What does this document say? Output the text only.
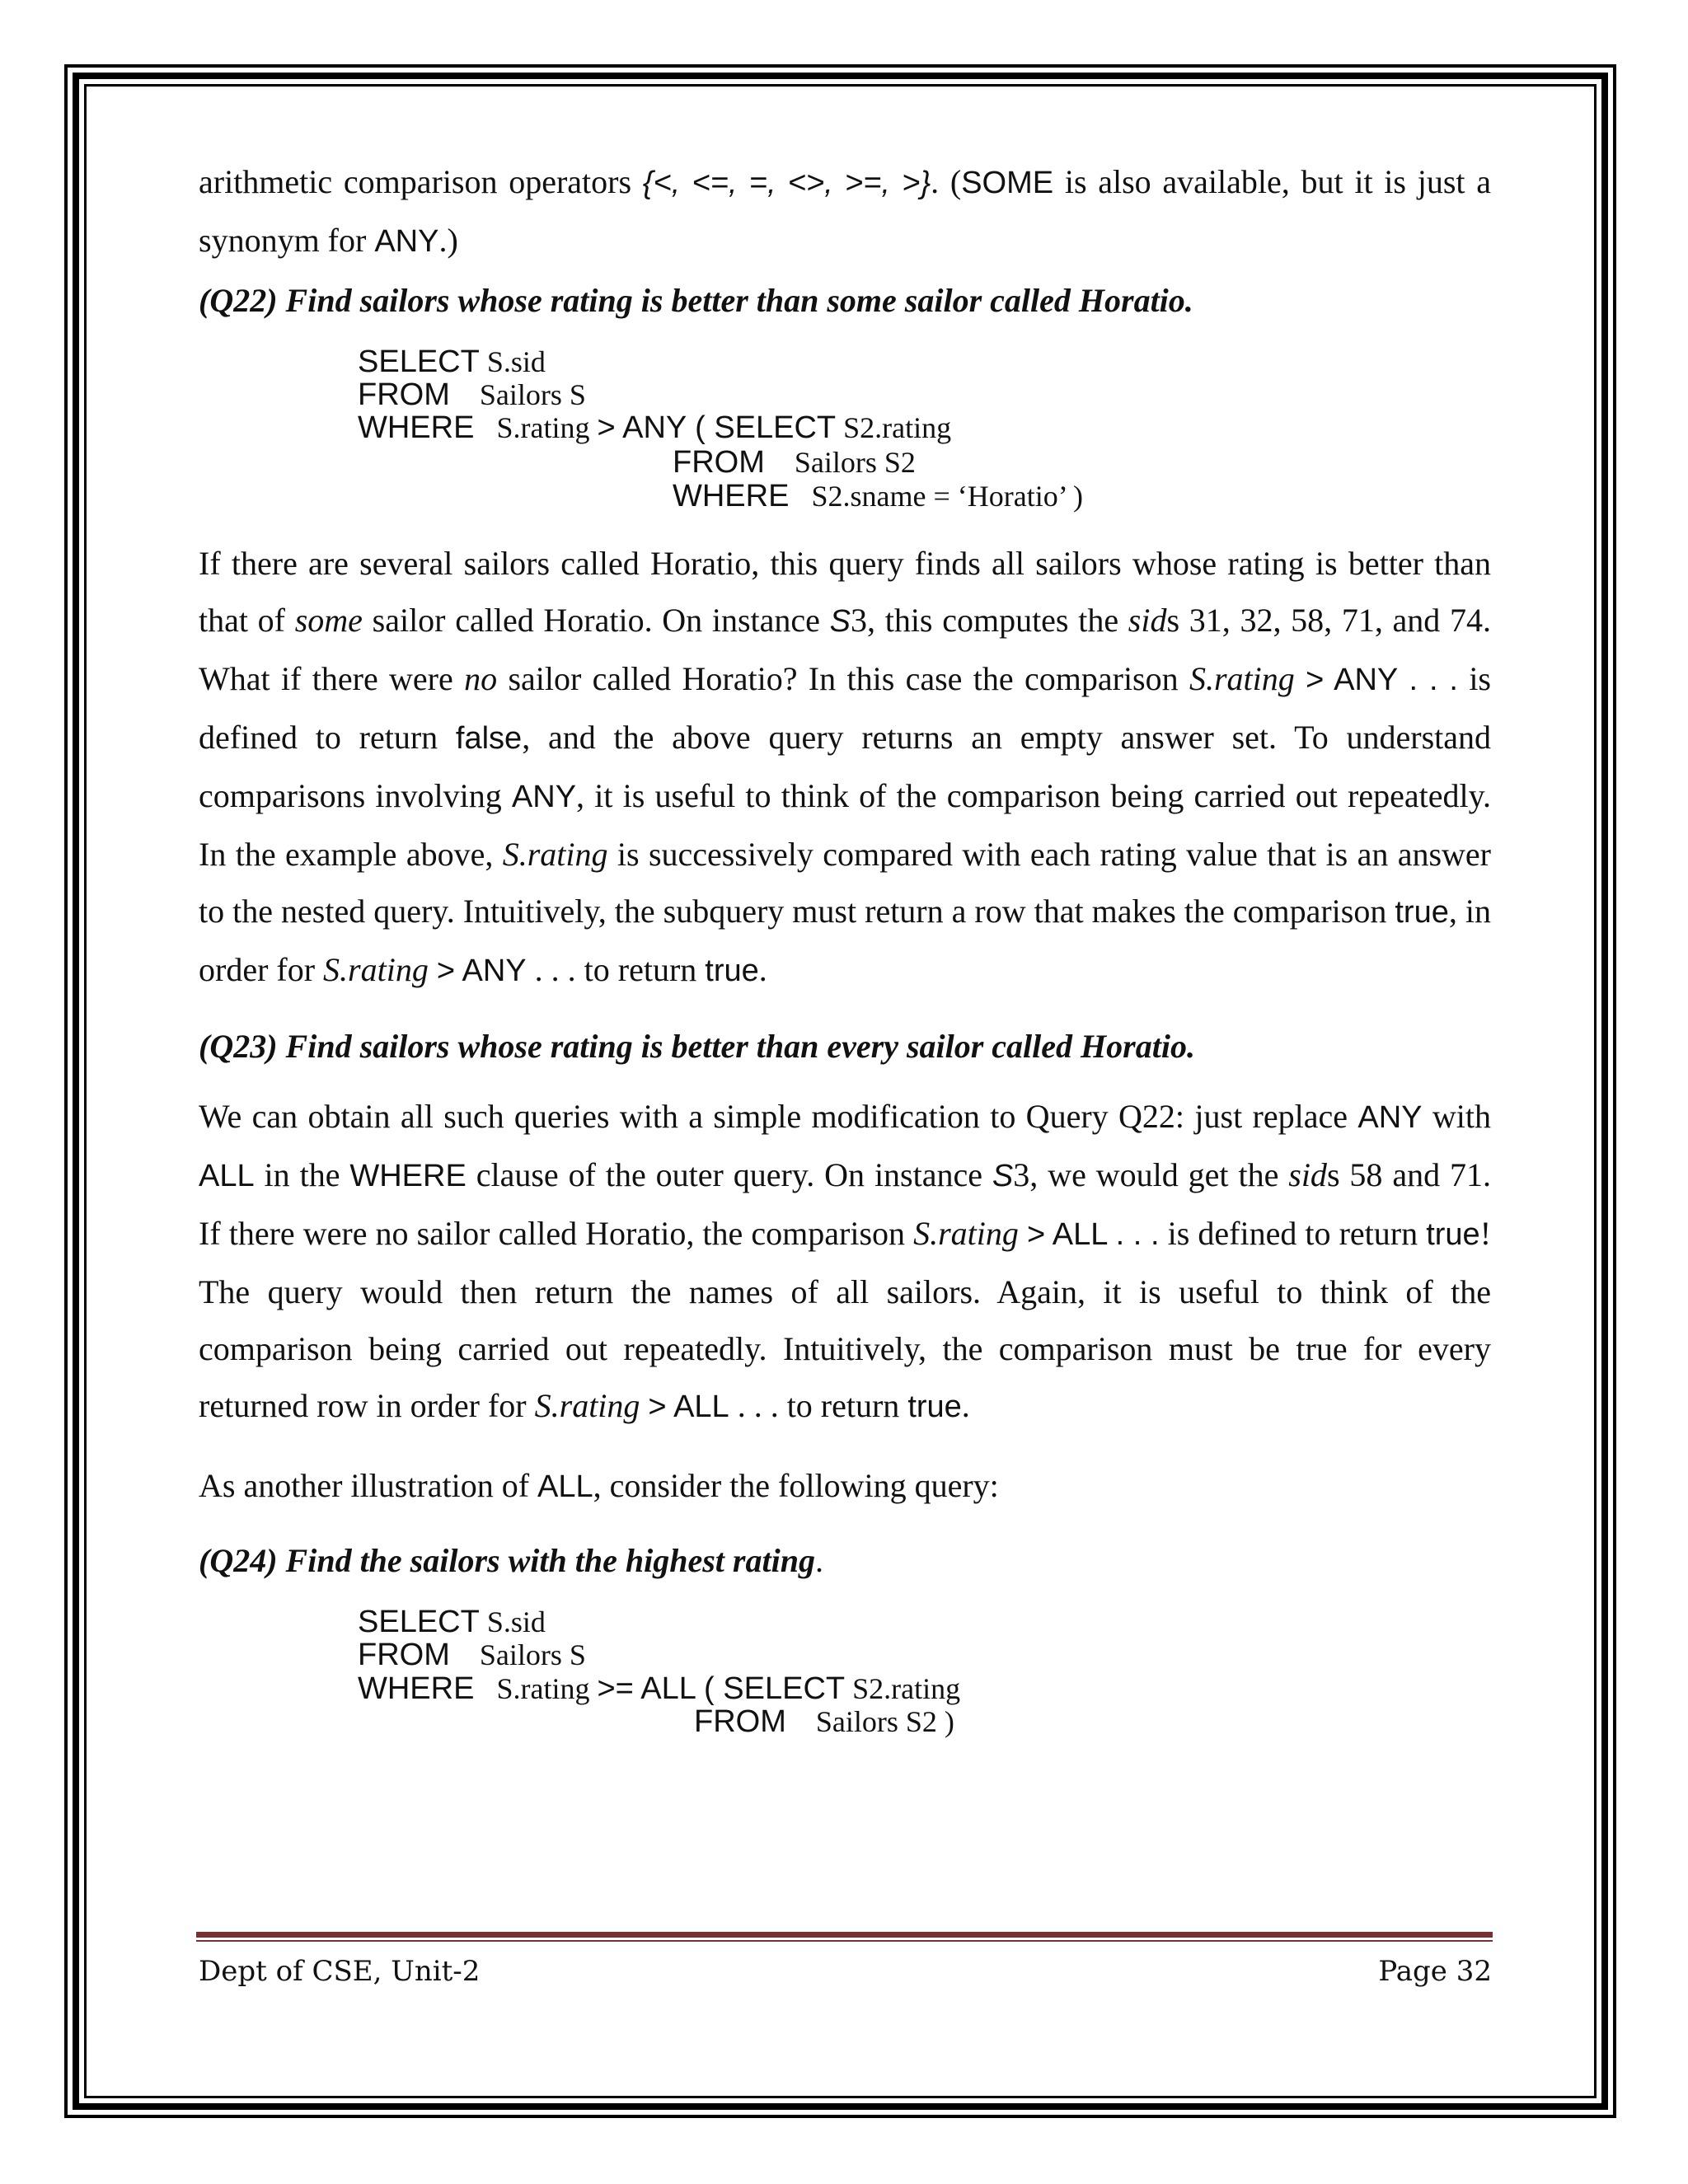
arithmetic comparison operators {<, <=, =, <>, >=, >}. (SOME is also available, but it is just a synonym for ANY.)

(Q22) Find sailors whose rating is better than some sailor called Horatio.

SELECT S.sid
FROM    Sailors S
WHERE   S.rating > ANY ( SELECT S2.rating
FROM    Sailors S2
WHERE   S2.sname = ‘Horatio’ )

If there are several sailors called Horatio, this query finds all sailors whose rating is better than that of some sailor called Horatio. On instance S3, this computes the sids 31, 32, 58, 71, and 74. What if there were no sailor called Horatio? In this case the comparison S.rating > ANY . . . is defined to return false, and the above query returns an empty answer set. To understand comparisons involving ANY, it is useful to think of the comparison being carried out repeatedly. In the example above, S.rating is successively compared with each rating value that is an answer to the nested query. Intuitively, the subquery must return a row that makes the comparison true, in order for S.rating > ANY . . . to return true.

(Q23) Find sailors whose rating is better than every sailor called Horatio.

We can obtain all such queries with a simple modification to Query Q22: just replace ANY with ALL in the WHERE clause of the outer query. On instance S3, we would get the sids 58 and 71. If there were no sailor called Horatio, the comparison S.rating > ALL . . . is defined to return true! The query would then return the names of all sailors. Again, it is useful to think of the comparison being carried out repeatedly. Intuitively, the comparison must be true for every returned row in order for S.rating > ALL . . . to return true.

As another illustration of ALL, consider the following query:

(Q24) Find the sailors with the highest rating.

SELECT S.sid
FROM    Sailors S
WHERE   S.rating >= ALL ( SELECT S2.rating
FROM    Sailors S2 )
Dept of CSE, Unit-2	Page 32
